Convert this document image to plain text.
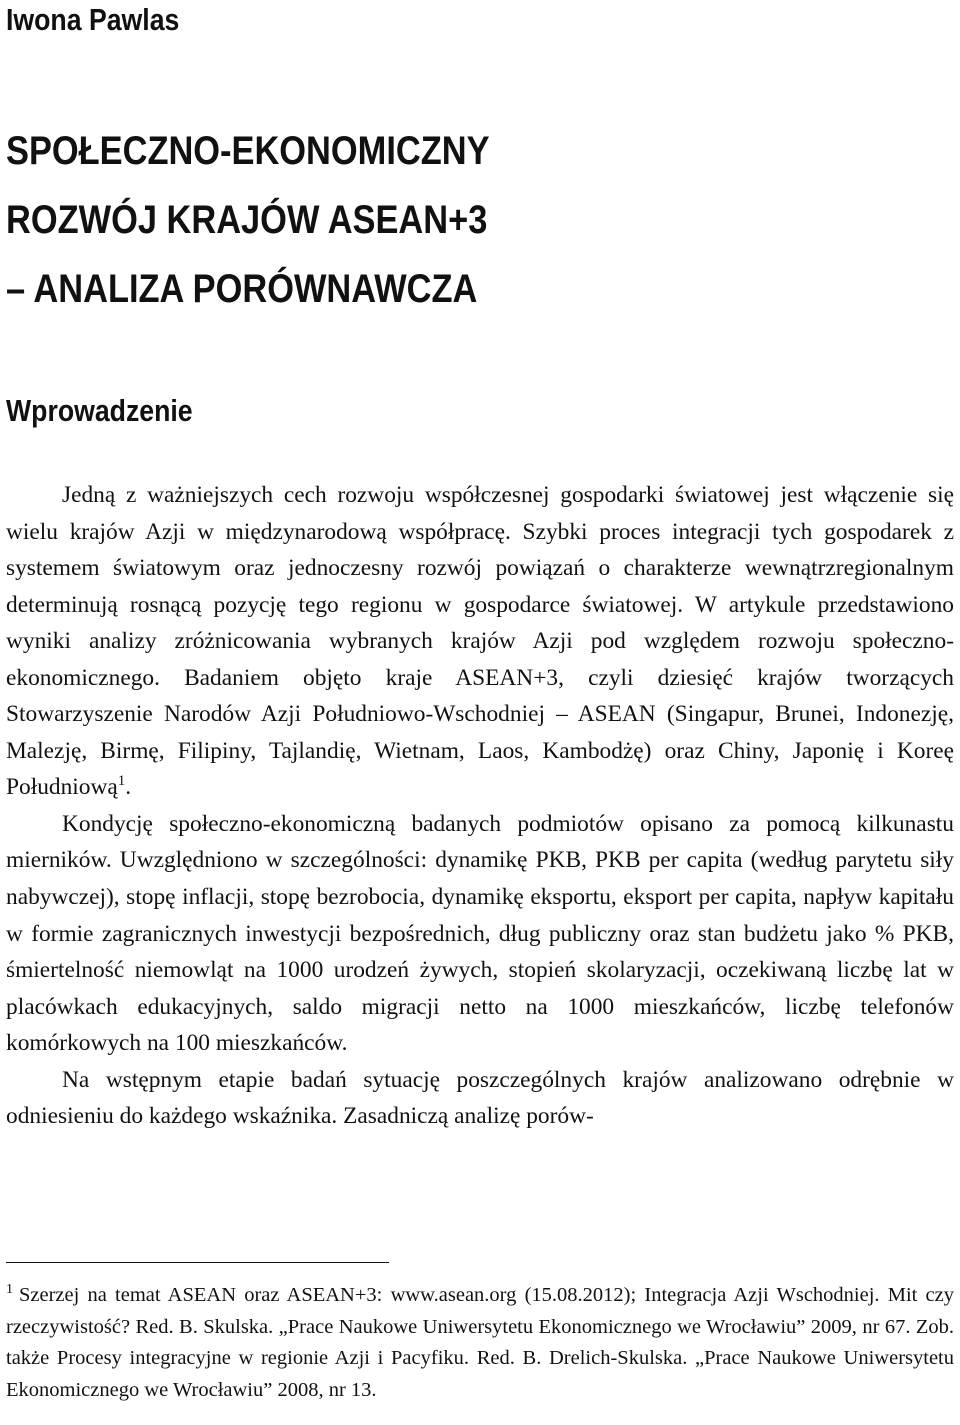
Iwona Pawlas
SPOŁECZNO-EKONOMICZNY
ROZWÓJ KRAJÓW ASEAN+3
– ANALIZA PORÓWNAWCZA
Wprowadzenie

Jedną z ważniejszych cech rozwoju współczesnej gospodarki światowej jest włączenie się wielu krajów Azji w międzynarodową współpracę. Szybki proces integracji tych gospodarek z systemem światowym oraz jednoczesny rozwój powiązań o charakterze wewnątrzregionalnym determinują rosnącą pozycję tego regionu w gospodarce światowej. W artykule przedstawiono wyniki analizy zróżnicowania wybranych krajów Azji pod względem rozwoju społeczno-ekonomicznego. Badaniem objęto kraje ASEAN+3, czyli dziesięć krajów tworzących Stowarzyszenie Narodów Azji Południowo-Wschodniej – ASEAN (Singapur, Brunei, Indonezję, Malezję, Birmę, Filipiny, Tajlandię, Wietnam, Laos, Kambodżę) oraz Chiny, Japonię i Koreę Południową$^1$.

Kondycję społeczno-ekonomiczną badanych podmiotów opisano za pomocą kilkunastu mierników. Uwzględniono w szczególności: dynamikę PKB, PKB per capita (według parytetu siły nabywczej), stopę inflacji, stopę bezrobocia, dynamikę eksportu, eksport per capita, napływ kapitału w formie zagranicznych inwestycji bezpośrednich, dług publiczny oraz stan budżetu jako % PKB, śmiertelność niemowląt na 1000 urodzeń żywych, stopień skolaryzacji, oczekiwaną liczbę lat w placówkach edukacyjnych, saldo migracji netto na 1000 mieszkańców, liczbę telefonów komórkowych na 100 mieszkańców.

Na wstępnym etapie badań sytuację poszczególnych krajów analizowano odrębnie w odniesieniu do każdego wskaźnika. Zasadniczą analizę porów-

$^1$ Szerzej na temat ASEAN oraz ASEAN+3: www.asean.org (15.08.2012); Integracja Azji Wschodniej. Mit czy rzeczywistość? Red. B. Skulska. „Prace Naukowe Uniwersytetu Ekonomicznego we Wrocławiu” 2009, nr 67. Zob. także Procesy integracyjne w regionie Azji i Pacyfiku. Red. B. Drelich-Skulska. „Prace Naukowe Uniwersytetu Ekonomicznego we Wrocławiu” 2008, nr 13.
